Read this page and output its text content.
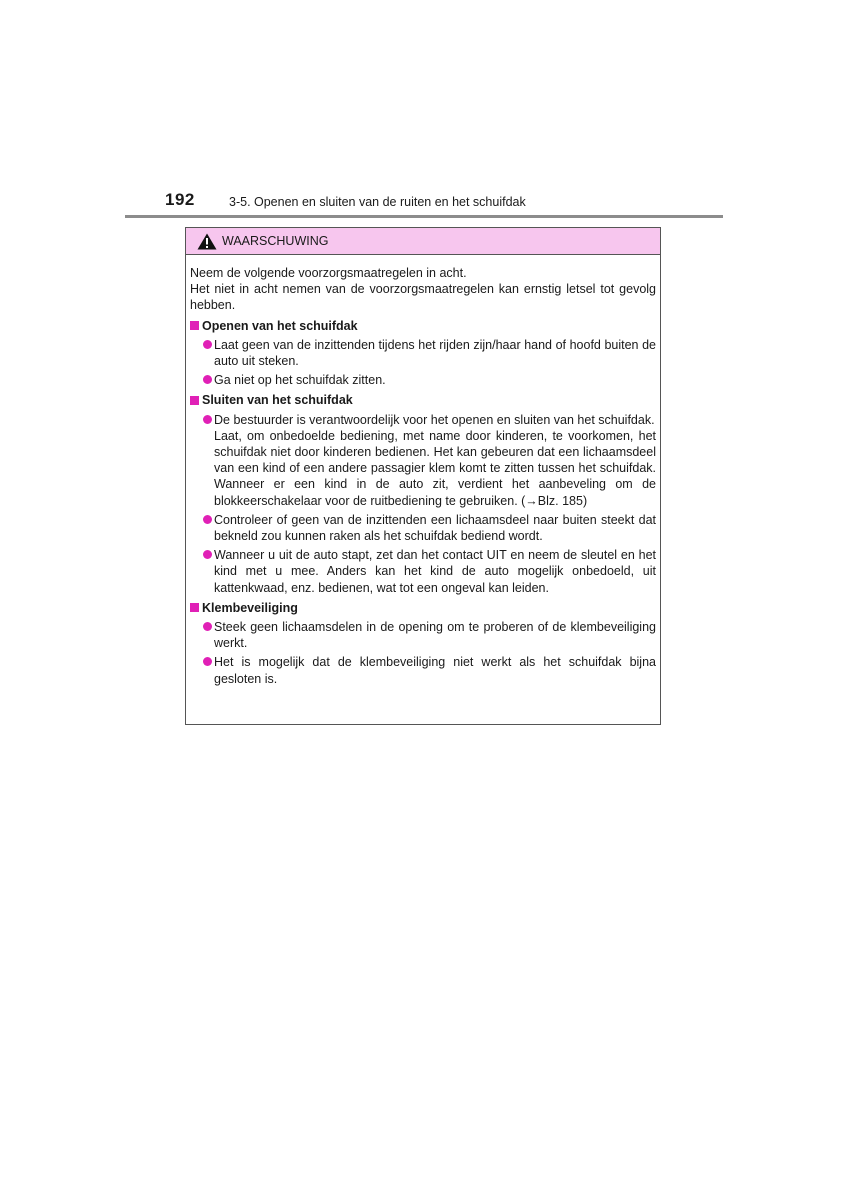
192	3-5. Openen en sluiten van de ruiten en het schuifdak
WAARSCHUWING

Neem de volgende voorzorgsmaatregelen in acht.
Het niet in acht nemen van de voorzorgsmaatregelen kan ernstig letsel tot gevolg hebben.

Openen van het schuifdak
Laat geen van de inzittenden tijdens het rijden zijn/haar hand of hoofd buiten de auto uit steken.
Ga niet op het schuifdak zitten.
Sluiten van het schuifdak
De bestuurder is verantwoordelijk voor het openen en sluiten van het schuifdak.
Laat, om onbedoelde bediening, met name door kinderen, te voorkomen, het schuifdak niet door kinderen bedienen. Het kan gebeuren dat een lichaamsdeel van een kind of een andere passagier klem komt te zitten tussen het schuifdak. Wanneer er een kind in de auto zit, verdient het aanbeveling om de blokkeerschakelaar voor de ruitbediening te gebruiken. (→Blz. 185)
Controleer of geen van de inzittenden een lichaamsdeel naar buiten steekt dat bekneld zou kunnen raken als het schuifdak bediend wordt.
Wanneer u uit de auto stapt, zet dan het contact UIT en neem de sleutel en het kind met u mee. Anders kan het kind de auto mogelijk onbedoeld, uit kattenkwaad, enz. bedienen, wat tot een ongeval kan leiden.
Klembeveiliging
Steek geen lichaamsdelen in de opening om te proberen of de klembeveiliging werkt.
Het is mogelijk dat de klembeveiliging niet werkt als het schuifdak bijna gesloten is.
